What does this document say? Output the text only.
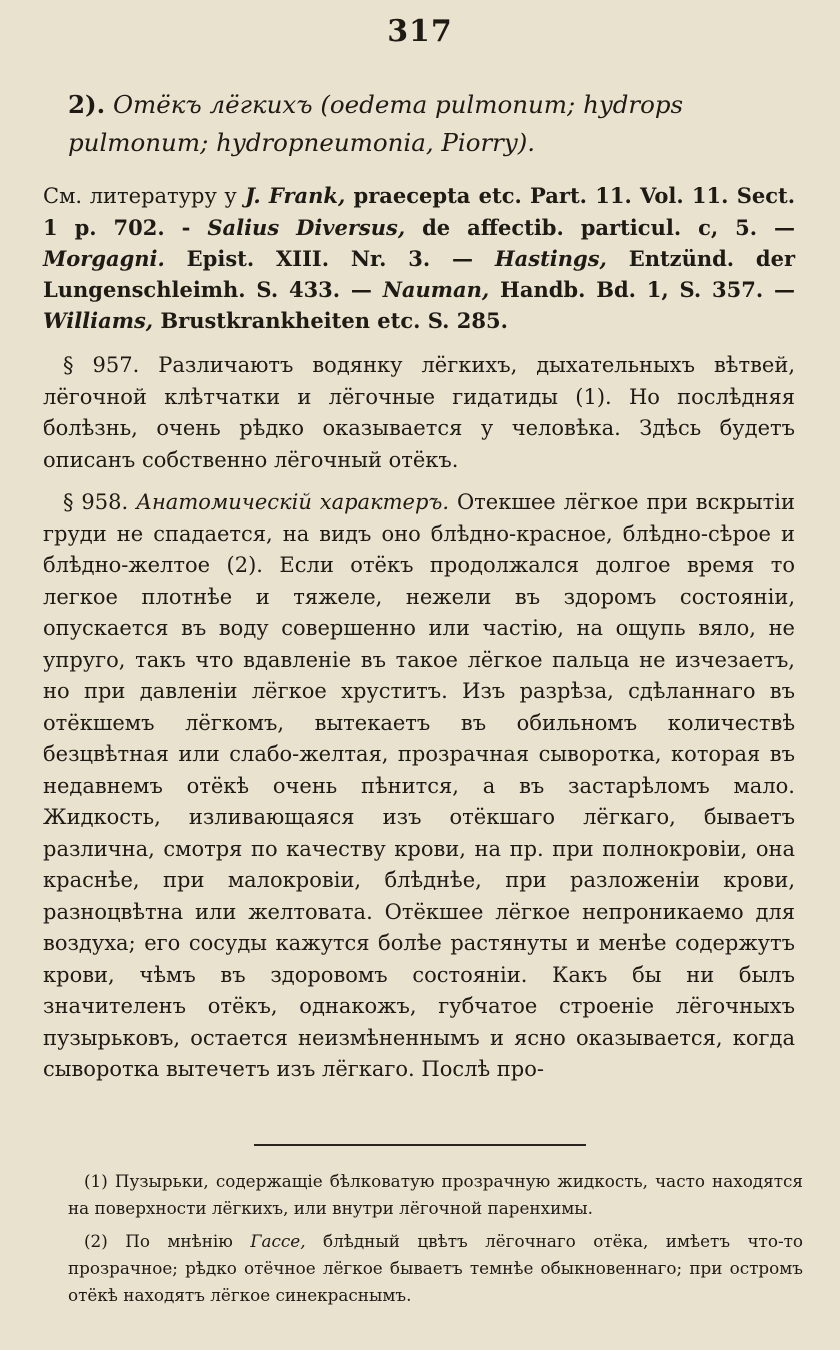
317
2). Отёкъ лёгкихъ (oedema pulmonum; hydrops pulmonum; hydropneumonia, Piorry).
См. литературу у J. Frank, praecepta etc. Part. 11. Vol. 11. Sect. 1 p. 702. - Salius Diversus, de affectib. particul. c, 5. — Morgagni. Epist. XIII. Nr. 3. — Hastings, Entzünd. der Lungenschleimh. S. 433. — Nauman, Handb. Bd. 1, S. 357. — Williams, Brustkrankheiten etc. S. 285.
§ 957. Различаютъ водянку лёгкихъ, дыхательныхъ вѣтвей, лёгочной клѣтчатки и лёгочные гидатиды (1). Но послѣдняя болѣзнь, очень рѣдко оказывается у человѣка. Здѣсь будетъ описанъ собственно лёгочный отёкъ.
§ 958. Анатомическій характеръ. Отекшее лёгкое при вскрытіи груди не спадается, на видъ оно блѣдно-красное, блѣдно-сѣрое и блѣдно-желтое (2). Если отёкъ продолжался долгое время то легкое плотнѣе и тяжеле, нежели въ здоромъ состояніи, опускается въ воду совершенно или частію, на ощупь вяло, не упруго, такъ что вдавленіе въ такое лёгкое пальца не изчезаетъ, но при давленіи лёгкое хруститъ. Изъ разрѣза, сдѣланнаго въ отёкшемъ лёгкомъ, вытекаетъ въ обильномъ количествѣ безцвѣтная или слабо-желтая, прозрачная сыворотка, которая въ недавнемъ отёкѣ очень пѣнится, а въ застарѣломъ мало. Жидкость, изливающаяся изъ отёкшаго лёгкаго, бываетъ различна, смотря по качеству крови, на пр. при полнокровіи, она краснѣе, при малокровіи, блѣднѣе, при разложеніи крови, разноцвѣтна или желтовата. Отёкшее лёгкое непроникаемо для воздуха; его сосуды кажутся болѣе растянуты и менѣе содержутъ крови, чѣмъ въ здоровомъ состояніи. Какъ бы ни былъ значителенъ отёкъ, однакожъ, губчатое строеніе лёгочныхъ пузырьковъ, остается неизмѣненнымъ и ясно оказывается, когда сыворотка вытечетъ изъ лёгкаго. Послѣ про-

(1) Пузырьки, содержащіе бѣлковатую прозрачную жидкость, часто находятся на поверхности лёгкихъ, или внутри лёгочной паренхимы.

(2) По мнѣнію Гассе, блѣдный цвѣтъ лёгочнаго отёка, имѣетъ что-то прозрачное; рѣдко отёчное лёгкое бываетъ темнѣе обыкновеннаго; при остромъ отёкѣ находятъ лёгкое синекраснымъ.
